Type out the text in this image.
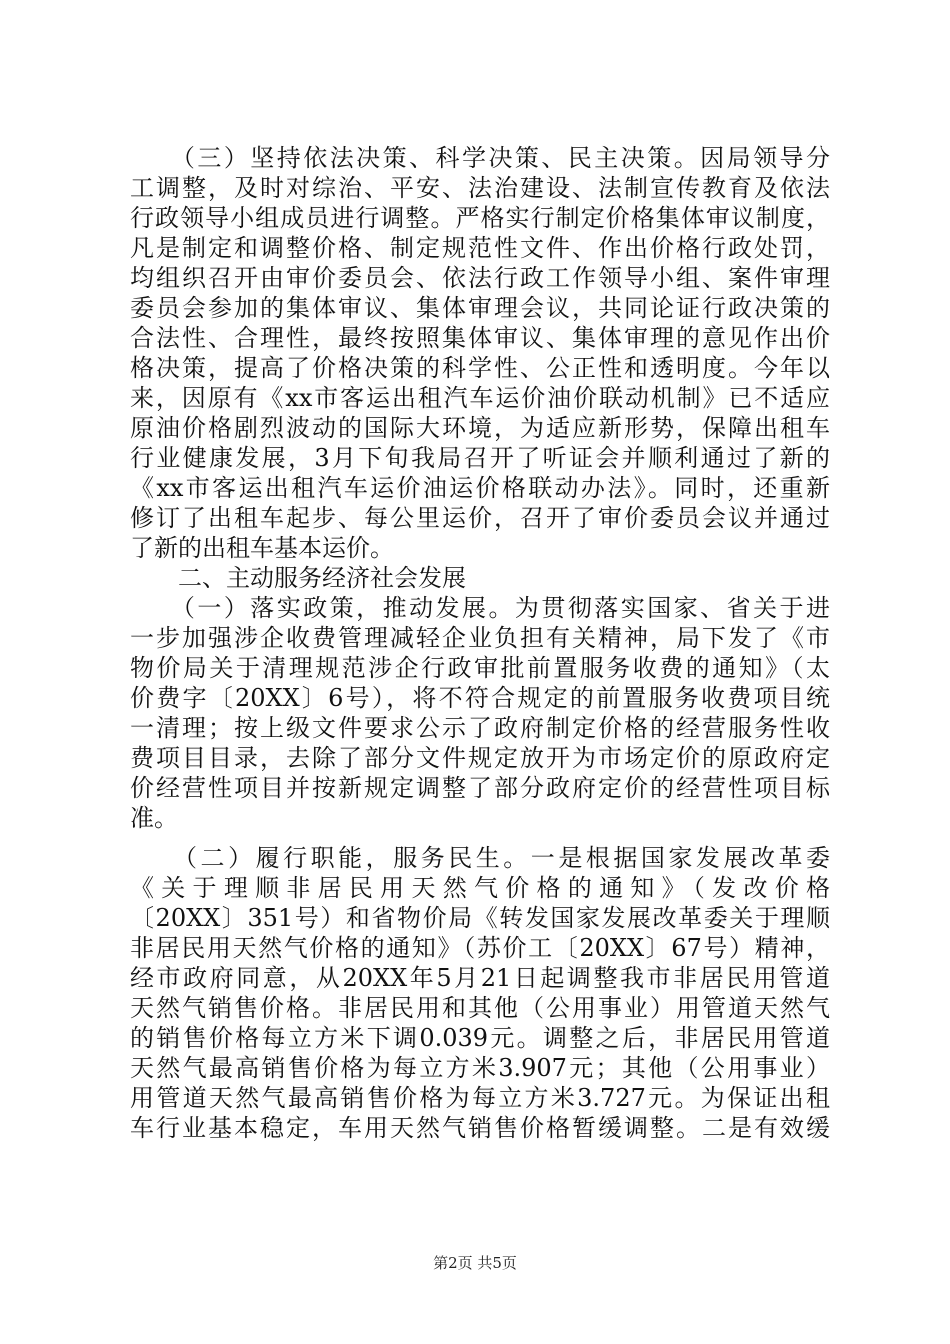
　　（三）坚持依法决策、科学决策、民主决策。因局领导分

工调整，及时对综治、平安、法治建设、法制宣传教育及依法

行政领导小组成员进行调整。严格实行制定价格集体审议制度，

凡是制定和调整价格、制定规范性文件、作出价格行政处罚，

均组织召开由审价委员会、依法行政工作领导小组、案件审理

委员会参加的集体审议、集体审理会议，共同论证行政决策的

合法性、合理性，最终按照集体审议、集体审理的意见作出价

格决策，提高了价格决策的科学性、公正性和透明度。今年以

来，因原有《xx市客运出租汽车运价油价联动机制》已不适应

原油价格剧烈波动的国际大环境，为适应新形势，保障出租车

行业健康发展，3月下旬我局召开了听证会并顺利通过了新的

《xx市客运出租汽车运价油运价格联动办法》。同时，还重新

修订了出租车起步、每公里运价，召开了审价委员会议并通过

了新的出租车基本运价。

　　二、主动服务经济社会发展

　　（一）落实政策，推动发展。为贯彻落实国家、省关于进

一步加强涉企收费管理减轻企业负担有关精神，局下发了《市

物价局关于清理规范涉企行政审批前置服务收费的通知》（太

价费字〔20XX〕6号），将不符合规定的前置服务收费项目统

一清理；按上级文件要求公示了政府制定价格的经营服务性收

费项目目录，去除了部分文件规定放开为市场定价的原政府定

价经营性项目并按新规定调整了部分政府定价的经营性项目标

准。

　　（二）履行职能，服务民生。一是根据国家发展改革委

《关于理顺非居民用天然气价格的通知》（发改价格

〔20XX〕351号）和省物价局《转发国家发展改革委关于理顺

非居民用天然气价格的通知》（苏价工〔20XX〕67号）精神，

经市政府同意，从20XX年5月21日起调整我市非居民用管道

天然气销售价格。非居民用和其他（公用事业）用管道天然气

的销售价格每立方米下调0.039元。调整之后，非居民用管道

天然气最高销售价格为每立方米3.907元；其他（公用事业）

用管道天然气最高销售价格为每立方米3.727元。为保证出租

车行业基本稳定，车用天然气销售价格暂缓调整。二是有效缓

第2页 共5页
